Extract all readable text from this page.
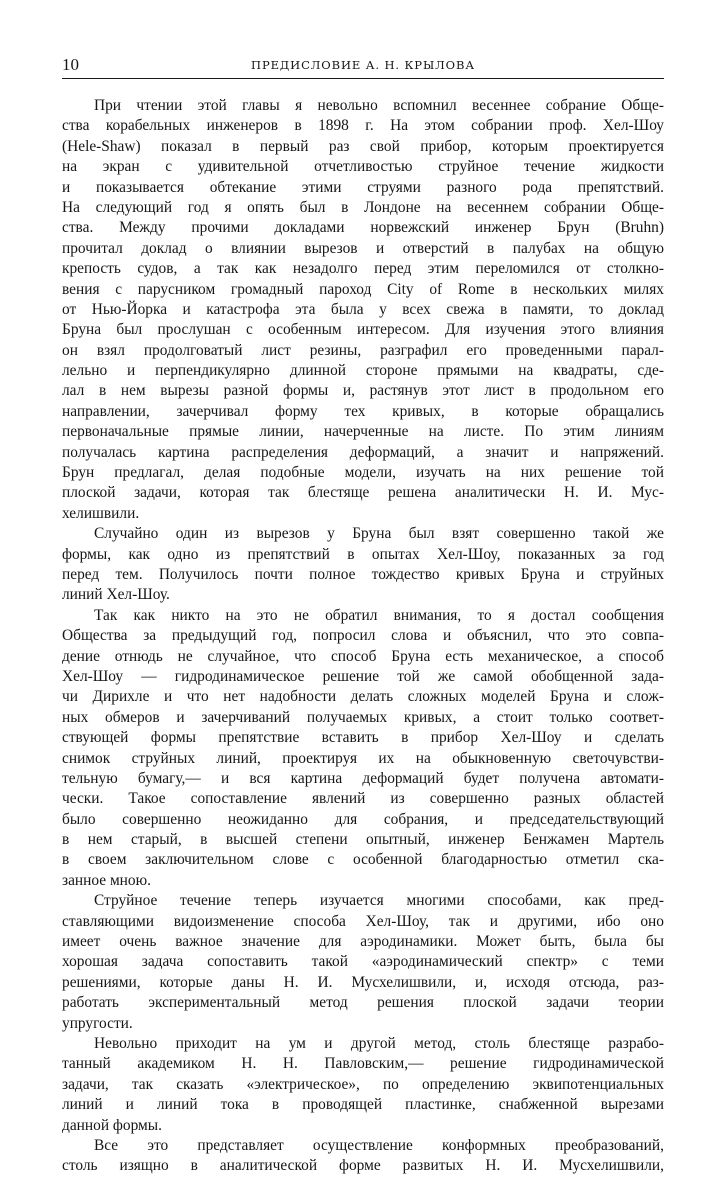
10	ПРЕДИСЛОВИЕ А. Н. КРЫЛОВА
При чтении этой главы я невольно вспомнил весеннее собрание Обще-
ства корабельных инженеров в 1898 г. На этом собрании проф. Хел-Шоу
(Hele-Shaw) показал в первый раз свой прибор, которым проектируется
на экран с удивительной отчетливостью струйное течение жидкости
и показывается обтекание этими струями разного рода препятствий.
На следующий год я опять был в Лондоне на весеннем собрании Обще-
ства. Между прочими докладами норвежский инженер Брун (Bruhn)
прочитал доклад о влиянии вырезов и отверстий в палубах на общую
крепость судов, а так как незадолго перед этим переломился от столкно-
вения с парусником громадный пароход City of Rome в нескольких милях
от Нью-Йорка и катастрофа эта была у всех свежа в памяти, то доклад
Бруна был прослушан с особенным интересом. Для изучения этого влияния
он взял продолговатый лист резины, разграфил его проведенными парал-
лельно и перпендикулярно длинной стороне прямыми на квадраты, сде-
лал в нем вырезы разной формы и, растянув этот лист в продольном его
направлении, зачерчивал форму тех кривых, в которые обращались
первоначальные прямые линии, начерченные на листе. По этим линиям
получалась картина распределения деформаций, а значит и напряжений.
Брун предлагал, делая подобные модели, изучать на них решение той
плоской задачи, которая так блестяще решена аналитически Н. И. Мус-
хелишвили.
Случайно один из вырезов у Бруна был взят совершенно такой же
формы, как одно из препятствий в опытах Хел-Шоу, показанных за год
перед тем. Получилось почти полное тождество кривых Бруна и струйных
линий Хел-Шоу.
Так как никто на это не обратил внимания, то я достал сообщения
Общества за предыдущий год, попросил слова и объяснил, что это совпа-
дение отнюдь не случайное, что способ Бруна есть механическое, а способ
Хел-Шоу — гидродинамическое решение той же самой обобщенной зада-
чи Дирихле и что нет надобности делать сложных моделей Бруна и слож-
ных обмеров и зачерчиваний получаемых кривых, а стоит только соответ-
ствующей формы препятствие вставить в прибор Хел-Шоу и сделать
снимок струйных линий, проектируя их на обыкновенную светочувстви-
тельную бумагу,— и вся картина деформаций будет получена автомати-
чески. Такое сопоставление явлений из совершенно разных областей
было совершенно неожиданно для собрания, и председательствующий
в нем старый, в высшей степени опытный, инженер Бенжамен Мартель
в своем заключительном слове с особенной благодарностью отметил ска-
занное мною.
Струйное течение теперь изучается многими способами, как пред-
ставляющими видоизменение способа Хел-Шоу, так и другими, ибо оно
имеет очень важное значение для аэродинамики. Может быть, была бы
хорошая задача сопоставить такой «аэродинамический спектр» с теми
решениями, которые даны Н. И. Мусхелишвили, и, исходя отсюда, раз-
работать экспериментальный метод решения плоской задачи теории
упругости.
Невольно приходит на ум и другой метод, столь блестяще разрабо-
танный академиком Н. Н. Павловским,— решение гидродинамической
задачи, так сказать «электрическое», по определению эквипотенциальных
линий и линий тока в проводящей пластинке, снабженной вырезами
данной формы.
Все это представляет осуществление конформных преобразований,
столь изящно в аналитической форме развитых Н. И. Мусхелишвили,
